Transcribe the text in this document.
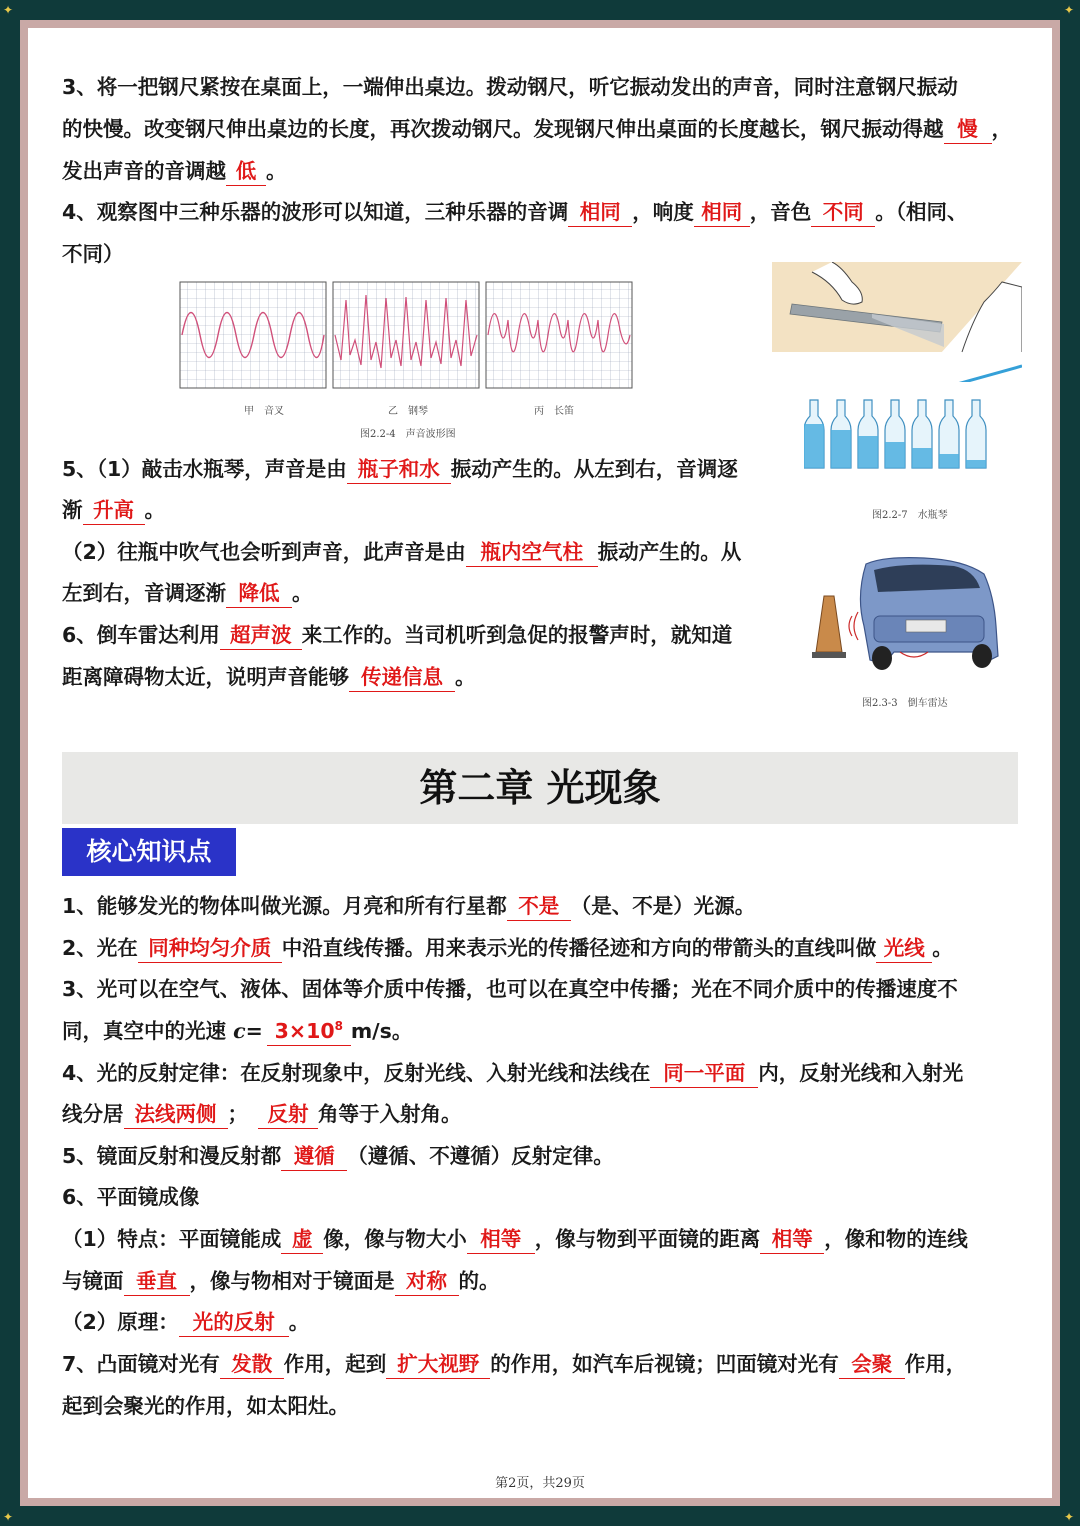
✦	✦
✦	✦
3、将一把钢尺紧按在桌面上，一端伸出桌边。拨动钢尺，听它振动发出的声音，同时注意钢尺振动
的快慢。改变钢尺伸出桌边的长度，再次拨动钢尺。发现钢尺伸出桌面的长度越长，钢尺振动得越 慢 ，
发出声音的音调越 低 。
4、观察图中三种乐器的波形可以知道，三种乐器的音调 相同 ，响度 相同 ，音色 不同 。（相同、
不同）
甲　音叉	乙　钢琴	丙　长笛
图2.2-4　声音波形图
图2.2-7　水瓶琴
5、（1）敲击水瓶琴，声音是由 瓶子和水 振动产生的。从左到右，音调逐
渐 升高 。
（2）往瓶中吹气也会听到声音，此声音是由 瓶内空气柱 振动产生的。从
左到右，音调逐渐 降低 。
图2.3-3　倒车雷达
6、倒车雷达利用 超声波 来工作的。当司机听到急促的报警声时，就知道
距离障碍物太近，说明声音能够 传递信息 。
第二章 光现象
核心知识点
1、能够发光的物体叫做光源。月亮和所有行星都 不是 （是、不是）光源。
2、光在 同种均匀介质 中沿直线传播。用来表示光的传播径迹和方向的带箭头的直线叫做 光线 。
3、光可以在空气、液体、固体等介质中传播，也可以在真空中传播；光在不同介质中的传播速度不
同，真空中的光速 $c= 3\times 10^8$ m/s。
4、光的反射定律：在反射现象中，反射光线、入射光线和法线在 同一平面 内，反射光线和入射光
线分居 法线两侧 ； 反射 角等于入射角。
5、镜面反射和漫反射都 遵循 （遵循、不遵循）反射定律。
6、平面镜成像
（1）特点：平面镜能成 虚 像，像与物大小 相等 ，像与物到平面镜的距离 相等 ，像和物的连线
与镜面 垂直 ，像与物相对于镜面是 对称 的。
（2）原理： 光的反射 。
7、凸面镜对光有 发散 作用，起到 扩大视野 的作用，如汽车后视镜；凹面镜对光有 会聚 作用，
起到会聚光的作用，如太阳灶。
第2页，共29页
